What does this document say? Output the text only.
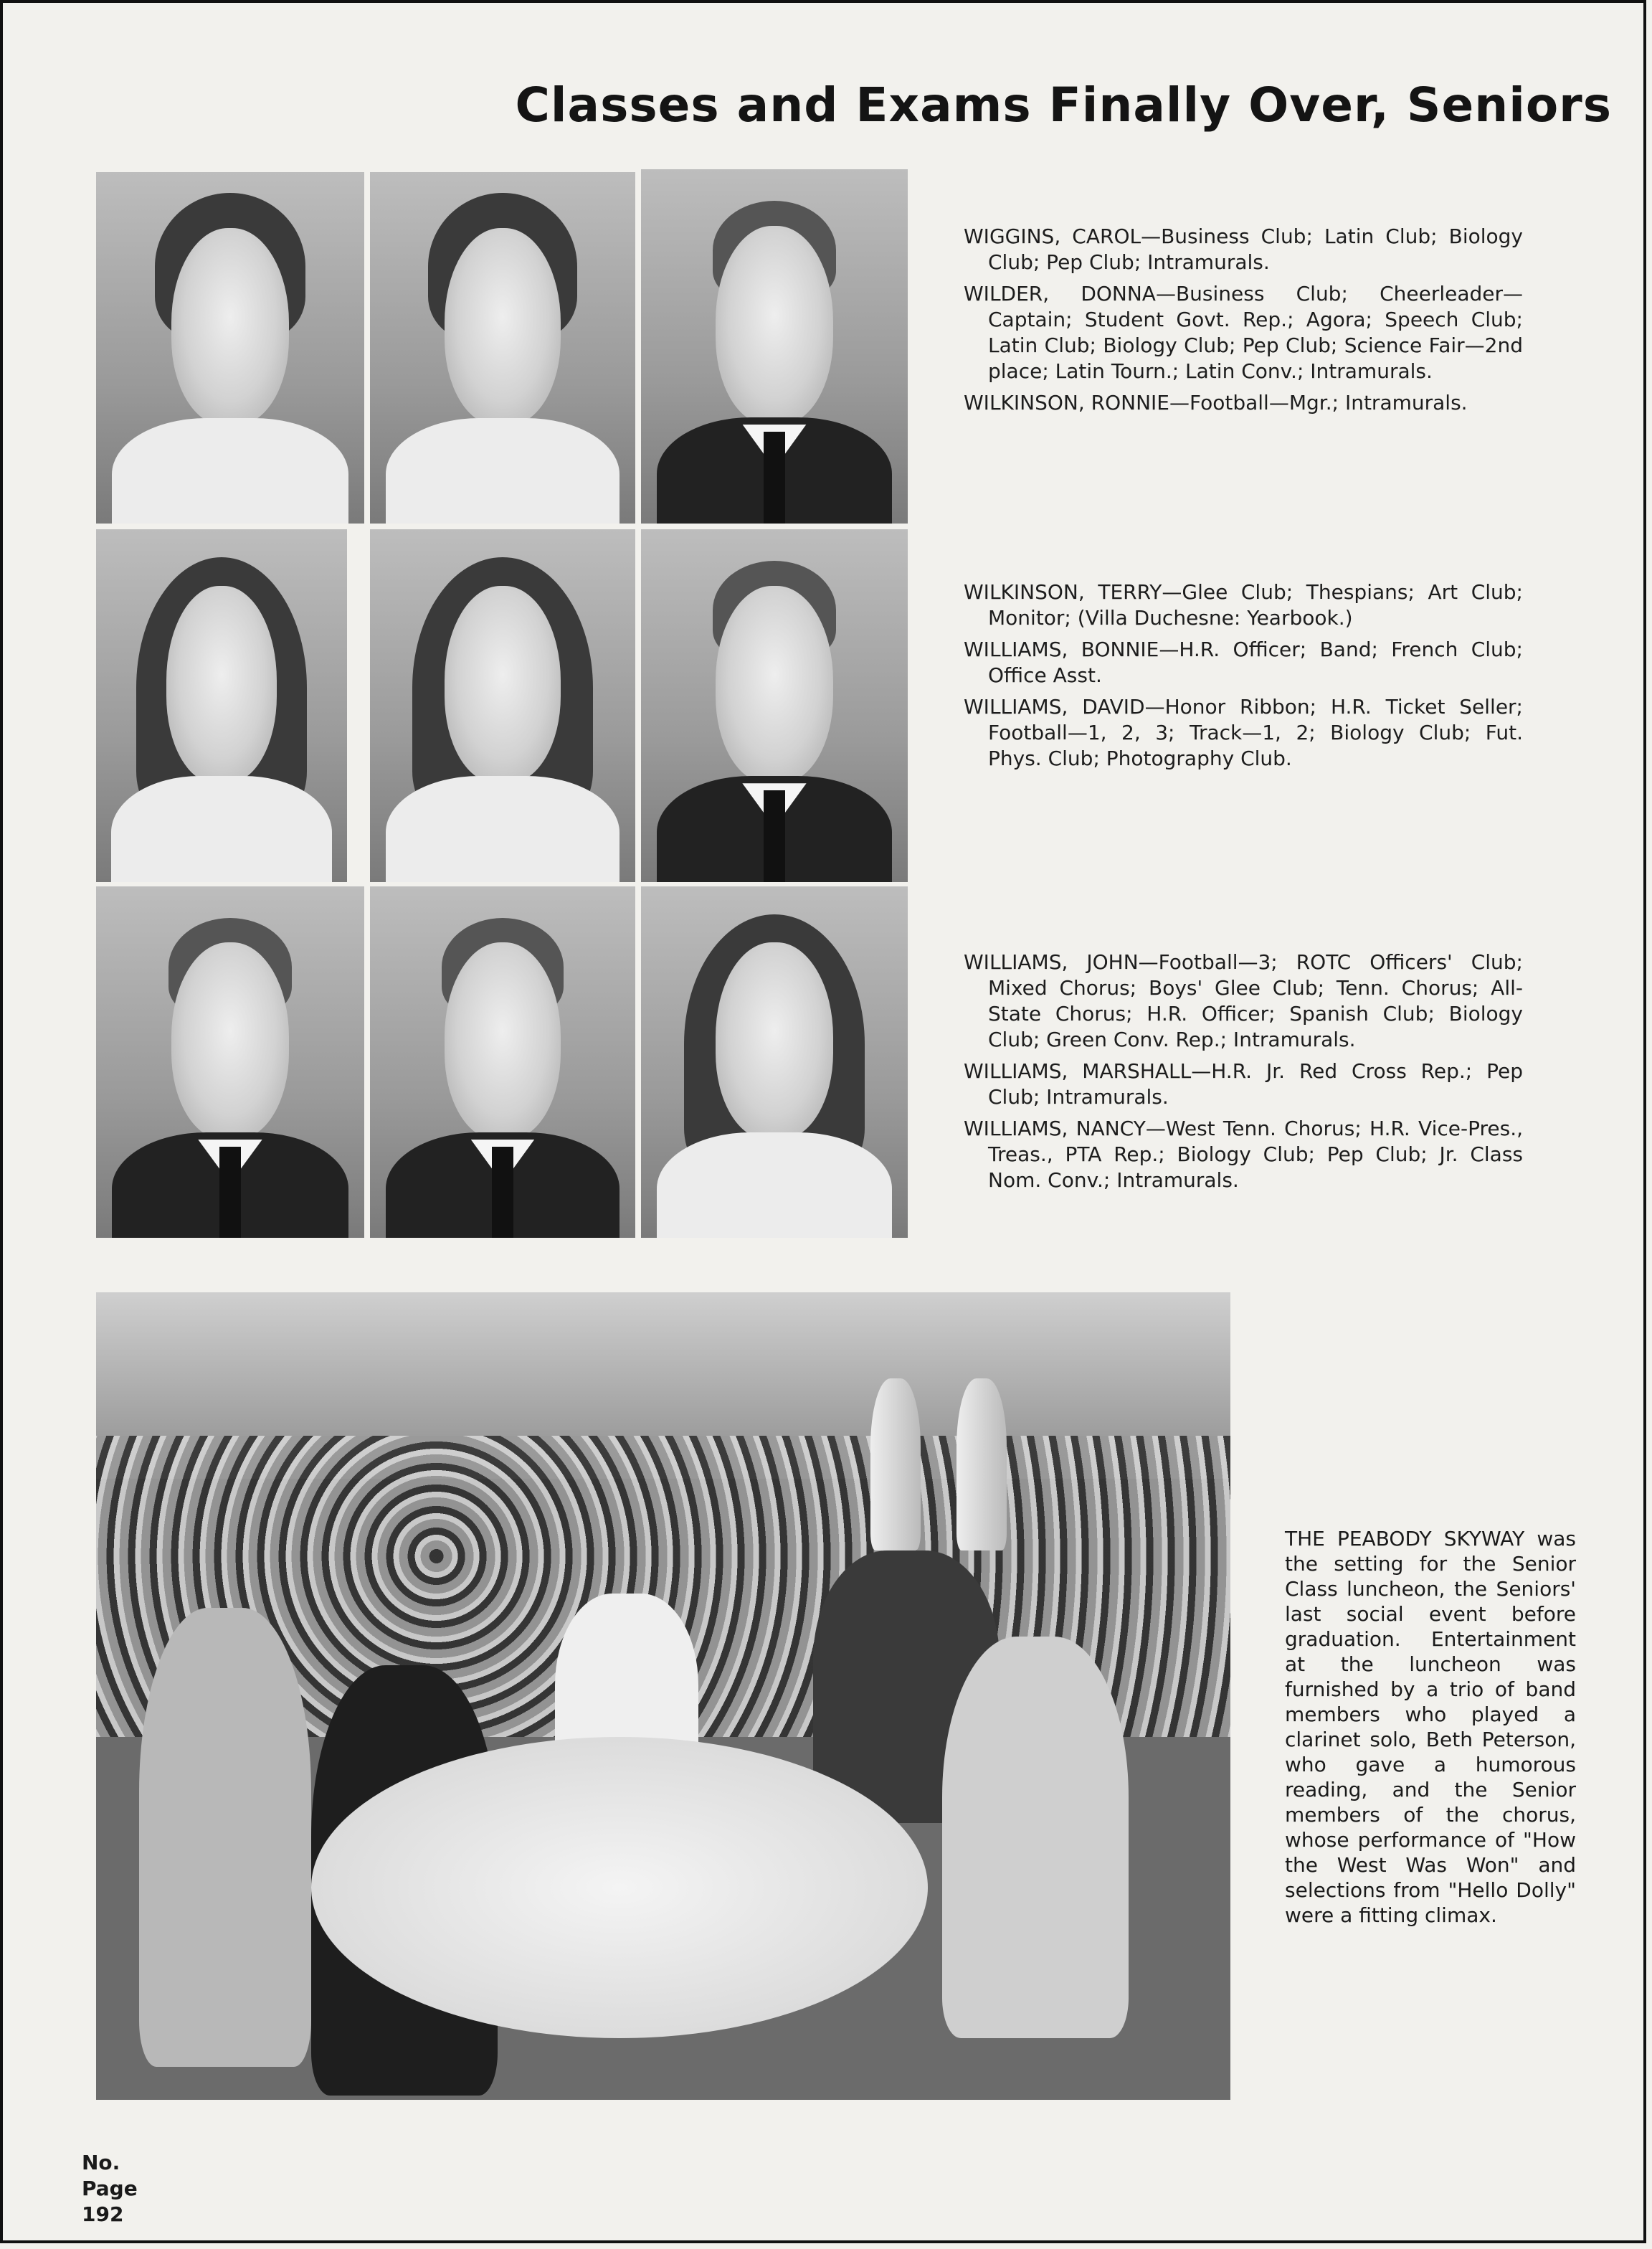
Classes and Exams Finally Over, Seniors

WIGGINS, CAROL—Business Club; Latin Club; Biology Club; Pep Club; Intramurals.

WILDER, DONNA—Business Club; Cheerleader—Captain; Student Govt. Rep.; Agora; Speech Club; Latin Club; Biology Club; Pep Club; Science Fair—2nd place; Latin Tourn.; Latin Conv.; Intramurals.

WILKINSON, RONNIE—Football—Mgr.; Intramurals.

WILKINSON, TERRY—Glee Club; Thespians; Art Club; Monitor; (Villa Duchesne: Yearbook.)

WILLIAMS, BONNIE—H.R. Officer; Band; French Club; Office Asst.

WILLIAMS, DAVID—Honor Ribbon; H.R. Ticket Seller; Football—1, 2, 3; Track—1, 2; Biology Club; Fut. Phys. Club; Photography Club.

WILLIAMS, JOHN—Football—3; ROTC Officers' Club; Mixed Chorus; Boys' Glee Club; Tenn. Chorus; All-State Chorus; H.R. Officer; Spanish Club; Biology Club; Green Conv. Rep.; Intramurals.

WILLIAMS, MARSHALL—H.R. Jr. Red Cross Rep.; Pep Club; Intramurals.

WILLIAMS, NANCY—West Tenn. Chorus; H.R. Vice-Pres., Treas., PTA Rep.; Biology Club; Pep Club; Jr. Class Nom. Conv.; Intramurals.

THE PEABODY SKYWAY was the setting for the Senior Class luncheon, the Seniors' last social event before graduation. Entertainment at the luncheon was furnished by a trio of band members who played a clarinet solo, Beth Peterson, who gave a humorous reading, and the Senior members of the chorus, whose performance of "How the West Was Won" and selections from "Hello Dolly" were a fitting climax.
No.
Page
192
